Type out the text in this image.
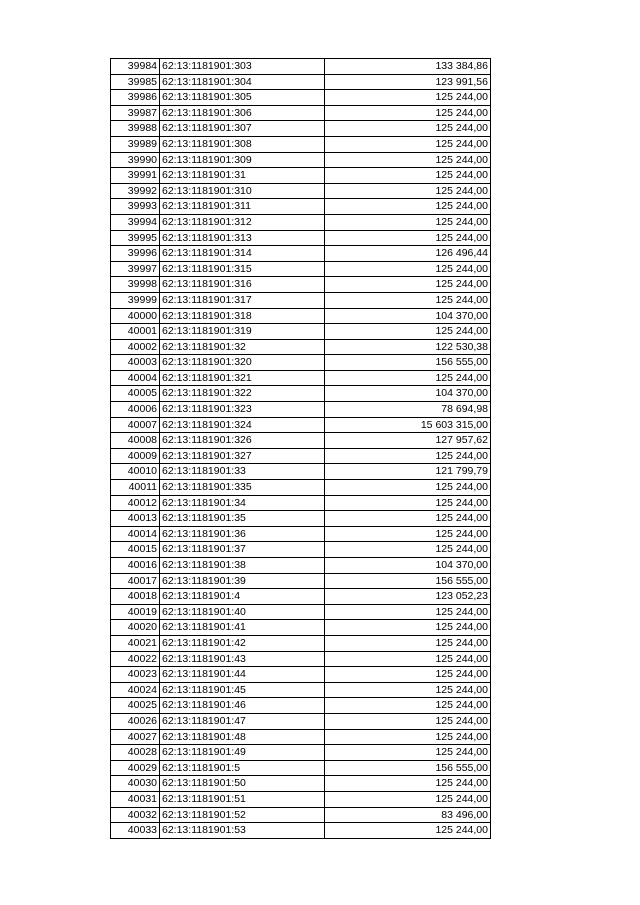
39984	62:13:1181901:303	133 384,86
39985	62:13:1181901:304	123 991,56
39986	62:13:1181901:305	125 244,00
39987	62:13:1181901:306	125 244,00
39988	62:13:1181901:307	125 244,00
39989	62:13:1181901:308	125 244,00
39990	62:13:1181901:309	125 244,00
39991	62:13:1181901:31	125 244,00
39992	62:13:1181901:310	125 244,00
39993	62:13:1181901:311	125 244,00
39994	62:13:1181901:312	125 244,00
39995	62:13:1181901:313	125 244,00
39996	62:13:1181901:314	126 496,44
39997	62:13:1181901:315	125 244,00
39998	62:13:1181901:316	125 244,00
39999	62:13:1181901:317	125 244,00
40000	62:13:1181901:318	104 370,00
40001	62:13:1181901:319	125 244,00
40002	62:13:1181901:32	122 530,38
40003	62:13:1181901:320	156 555,00
40004	62:13:1181901:321	125 244,00
40005	62:13:1181901:322	104 370,00
40006	62:13:1181901:323	78 694,98
40007	62:13:1181901:324	15 603 315,00
40008	62:13:1181901:326	127 957,62
40009	62:13:1181901:327	125 244,00
40010	62:13:1181901:33	121 799,79
40011	62:13:1181901:335	125 244,00
40012	62:13:1181901:34	125 244,00
40013	62:13:1181901:35	125 244,00
40014	62:13:1181901:36	125 244,00
40015	62:13:1181901:37	125 244,00
40016	62:13:1181901:38	104 370,00
40017	62:13:1181901:39	156 555,00
40018	62:13:1181901:4	123 052,23
40019	62:13:1181901:40	125 244,00
40020	62:13:1181901:41	125 244,00
40021	62:13:1181901:42	125 244,00
40022	62:13:1181901:43	125 244,00
40023	62:13:1181901:44	125 244,00
40024	62:13:1181901:45	125 244,00
40025	62:13:1181901:46	125 244,00
40026	62:13:1181901:47	125 244,00
40027	62:13:1181901:48	125 244,00
40028	62:13:1181901:49	125 244,00
40029	62:13:1181901:5	156 555,00
40030	62:13:1181901:50	125 244,00
40031	62:13:1181901:51	125 244,00
40032	62:13:1181901:52	83 496,00
40033	62:13:1181901:53	125 244,00
